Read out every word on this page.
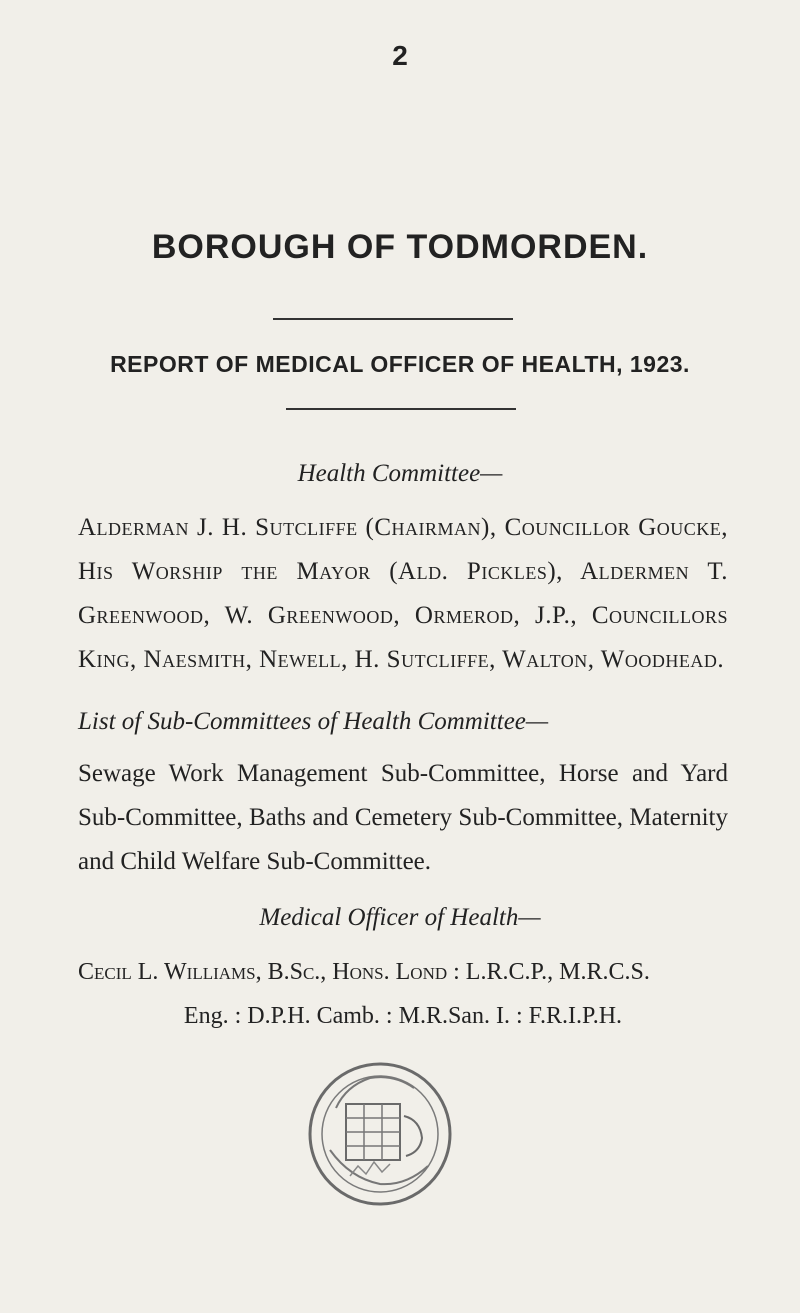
2
BOROUGH OF TODMORDEN.
REPORT OF MEDICAL OFFICER OF HEALTH, 1923.
Health Committee—
Alderman J. H. Sutcliffe (Chairman), Councillor Goucke, His Worship the Mayor (Ald. Pickles), Aldermen T. Greenwood, W. Greenwood, Ormerod, J.P., Councillors King, Naesmith, Newell, H. Sutcliffe, Walton, Woodhead.
List of Sub-Committees of Health Committee—
Sewage Work Management Sub-Committee, Horse and Yard Sub-Committee, Baths and Cemetery Sub-Committee, Maternity and Child Welfare Sub-Committee.
Medical Officer of Health—
Cecil L. Williams, B.Sc., Hons. Lond : L.R.C.P., M.R.C.S.
Eng. : D.P.H. Camb. : M.R.San. I. : F.R.I.P.H.
